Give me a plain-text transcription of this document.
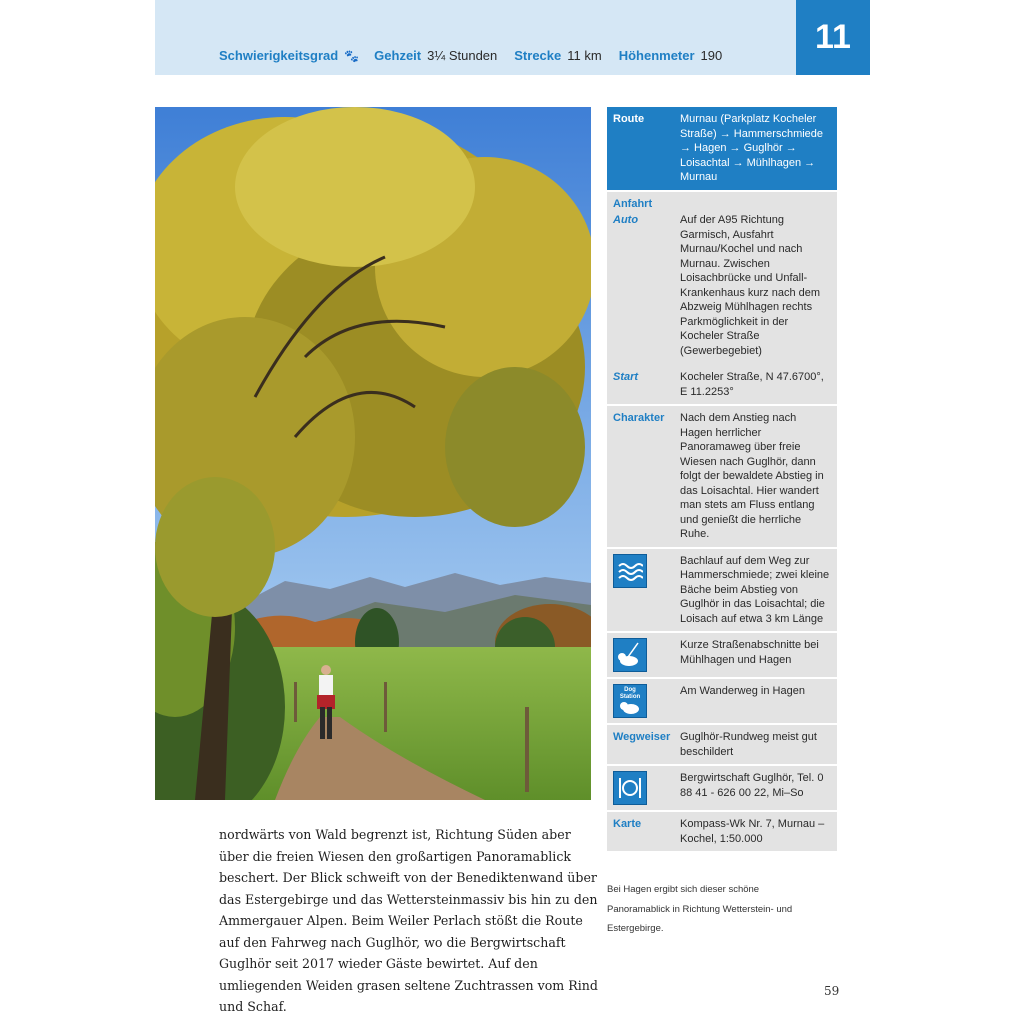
Schwierigkeitsgrad 🐾 Gehzeit 3¼ Stunden Strecke 11 km Höhenmeter 190	11
Route	Murnau (Parkplatz Kocheler Straße) → Hammerschmiede → Hagen → Guglhör → Loisachtal → Mühlhagen → Murnau
Anfahrt
Auto	Auf der A95 Richtung Garmisch, Ausfahrt Murnau/Kochel und nach Murnau. Zwischen Loisachbrücke und Unfall-Krankenhaus kurz nach dem Abzweig Mühlhagen rechts Parkmöglichkeit in der Kocheler Straße (Gewerbegebiet)
Start	Kocheler Straße, N 47.6700°, E 11.2253°
Charakter	Nach dem Anstieg nach Hagen herrlicher Panoramaweg über freie Wiesen nach Guglhör, dann folgt der bewaldete Abstieg in das Loisachtal. Hier wandert man stets am Fluss entlang und genießt die herrliche Ruhe.
Bachlauf auf dem Weg zur Hammerschmiede; zwei kleine Bäche beim Abstieg von Guglhör in das Loisachtal; die Loisach auf etwa 3 km Länge
Kurze Straßenabschnitte bei Mühlhagen und Hagen
Dog Station	Am Wanderweg in Hagen
Wegweiser Guglhör-Rundweg meist gut beschildert
Bergwirtschaft Guglhör, Tel. 0 88 41 - 626 00 22, Mi–So
Karte	Kompass-Wk Nr. 7, Murnau – Kochel, 1:50.000

nordwärts von Wald begrenzt ist, Richtung Süden aber über die freien Wiesen den großartigen Panoramablick beschert. Der Blick schweift von der Benediktenwand über das Estergebirge und das Wettersteinmassiv bis hin zu den Ammergauer Alpen. Beim Weiler Perlach stößt die Route auf den Fahrweg nach Guglhör, wo die Bergwirtschaft Guglhör seit 2017 wieder Gäste bewirtet. Auf den umliegenden Weiden grasen seltene Zuchtrassen vom Rind und Schaf.

Bei Hagen ergibt sich dieser schöne Panoramablick in Richtung Wetterstein- und Estergebirge.
59
